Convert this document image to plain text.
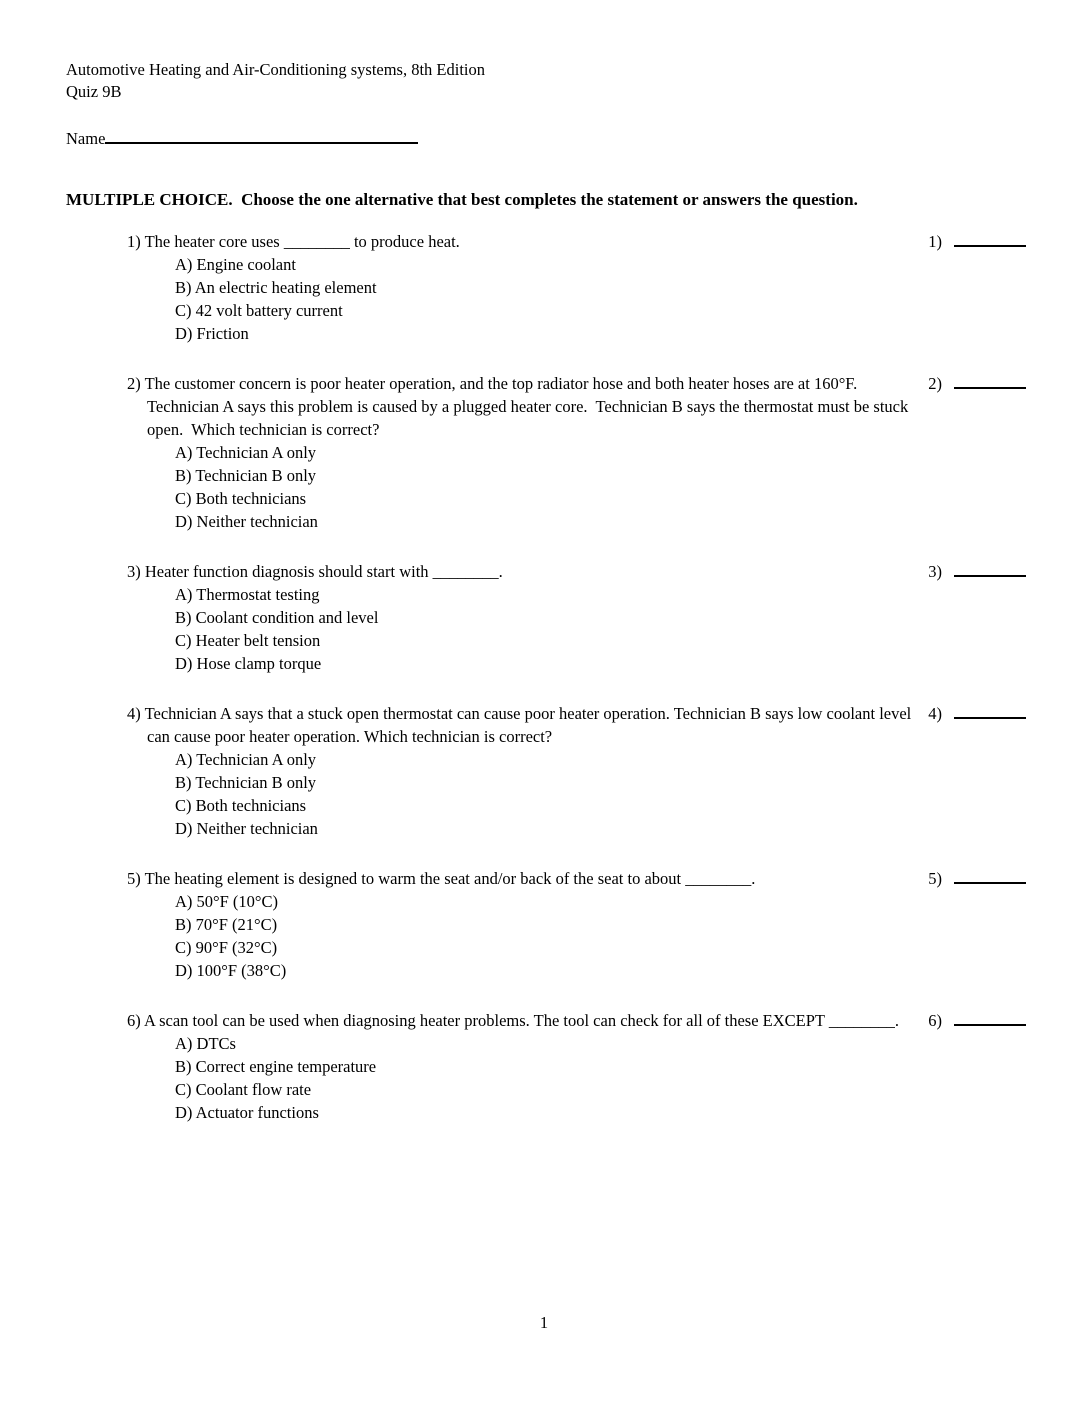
Automotive Heating and Air-Conditioning systems, 8th Edition
Quiz 9B
Name
MULTIPLE CHOICE.  Choose the one alternative that best completes the statement or answers the question.

1) The heater core uses ________ to produce heat.	1)
A) Engine coolant
B) An electric heating element
C) 42 volt battery current
D) Friction

2) The customer concern is poor heater operation, and the top radiator hose and both heater hoses are at 160°F. Technician A says this problem is caused by a plugged heater core.  Technician B says the thermostat must be stuck open.  Which technician is correct?

2)
A) Technician A only
B) Technician B only
C) Both technicians
D) Neither technician

3) Heater function diagnosis should start with ________.	3)
A) Thermostat testing
B) Coolant condition and level
C) Heater belt tension
D) Hose clamp torque

4) Technician A says that a stuck open thermostat can cause poor heater operation. Technician B says low coolant level can cause poor heater operation. Which technician is correct?

4)
A) Technician A only
B) Technician B only
C) Both technicians
D) Neither technician

5) The heating element is designed to warm the seat and/or back of the seat to about ________.	5)
A) 50°F (10°C)
B) 70°F (21°C)
C) 90°F (32°C)
D) 100°F (38°C)

6) A scan tool can be used when diagnosing heater problems. The tool can check for all of these EXCEPT ________.	6)
A) DTCs
B) Correct engine temperature
C) Coolant flow rate
D) Actuator functions
1
